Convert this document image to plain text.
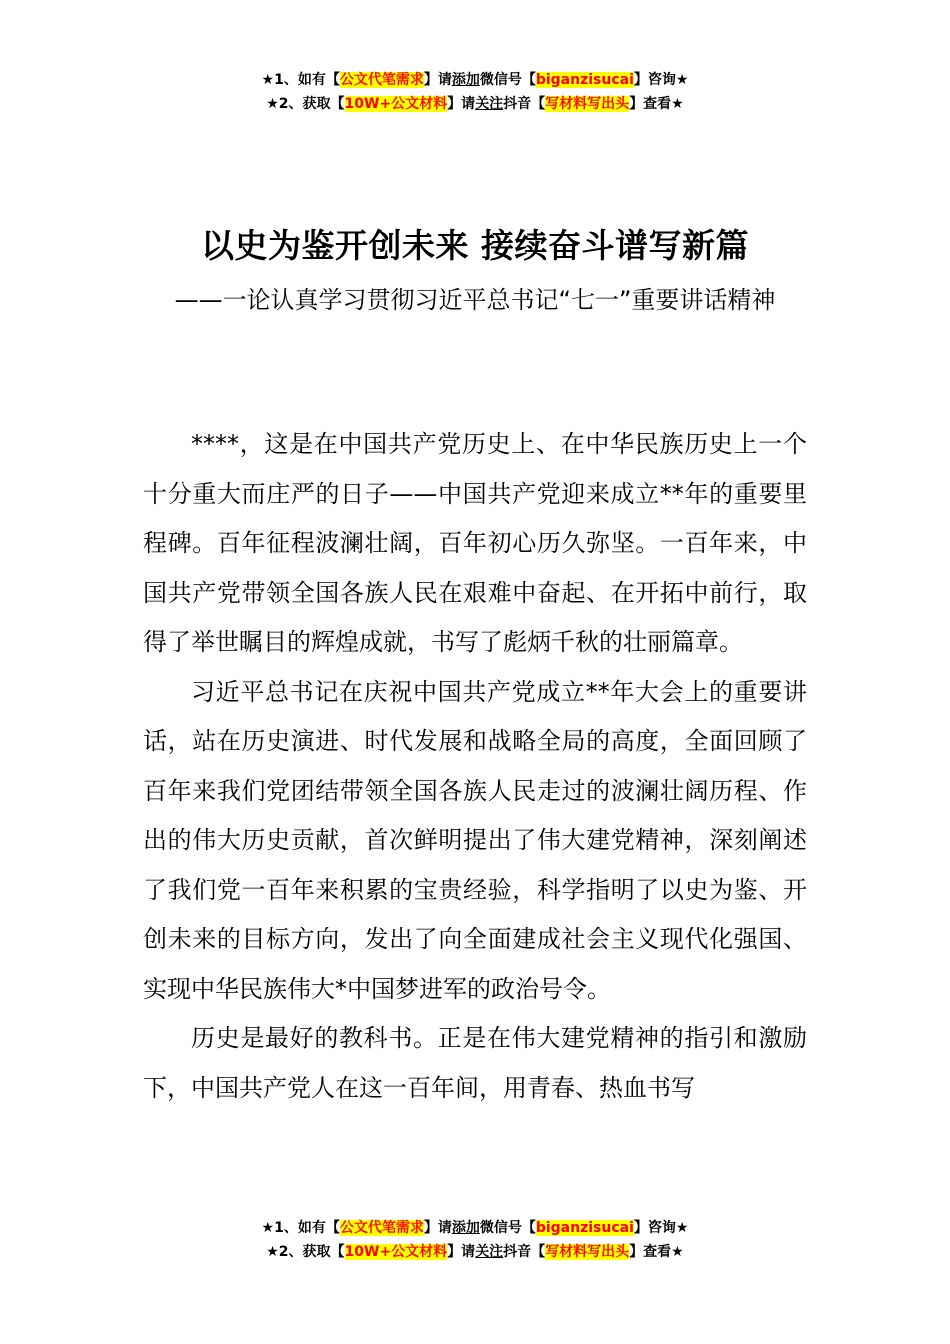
★1、如有【公文代笔需求】请添加微信号【biganzisucai】咨询★
★2、获取【10W+公文材料】请关注抖音【写材料写出头】查看★
以史为鉴开创未来 接续奋斗谱写新篇
——一论认真学习贯彻习近平总书记“七一”重要讲话精神

****，这是在中国共产党历史上、在中华民族历史上一个十分重大而庄严的日子——中国共产党迎来成立**年的重要里程碑。百年征程波澜壮阔，百年初心历久弥坚。一百年来，中国共产党带领全国各族人民在艰难中奋起、在开拓中前行，取得了举世瞩目的辉煌成就，书写了彪炳千秋的壮丽篇章。

习近平总书记在庆祝中国共产党成立**年大会上的重要讲话，站在历史演进、时代发展和战略全局的高度，全面回顾了百年来我们党团结带领全国各族人民走过的波澜壮阔历程、作出的伟大历史贡献，首次鲜明提出了伟大建党精神，深刻阐述了我们党一百年来积累的宝贵经验，科学指明了以史为鉴、开创未来的目标方向，发出了向全面建成社会主义现代化强国、实现中华民族伟大*中国梦进军的政治号令。

历史是最好的教科书。正是在伟大建党精神的指引和激励下，中国共产党人在这一百年间，用青春、热血书写

★1、如有【公文代笔需求】请添加微信号【biganzisucai】咨询★
★2、获取【10W+公文材料】请关注抖音【写材料写出头】查看★
